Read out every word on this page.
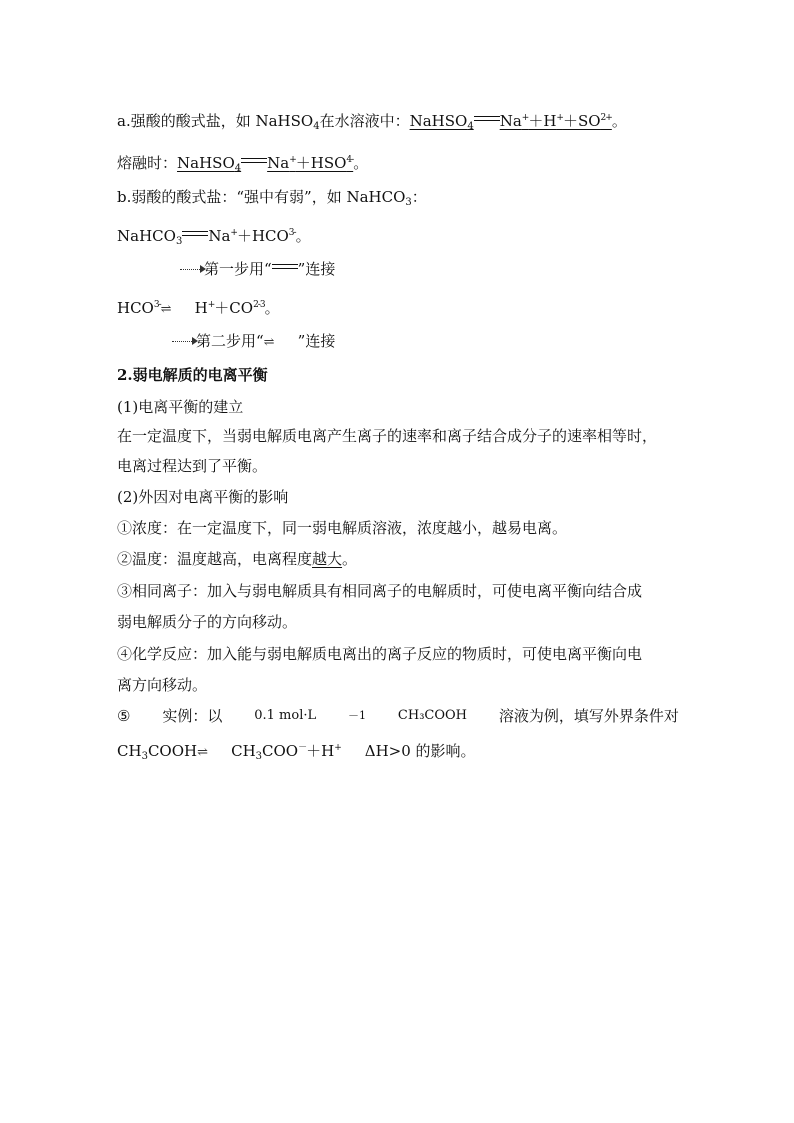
a.强酸的酸式盐，如 NaHSO$_4$在水溶液中：NaHSO$_4$ $Na^++H^++SO^{2+}$。
熔融时：NaHSO$_4$ $Na^++HSO^{4-}$。
b.弱酸的酸式盐：“强中有弱”，如 NaHCO$_3$：
NaHCO$_3$ $Na^++HCO^{3-}$。
第一步用“ ”连接
$HCO^{3-}\rightleftharpoons$ $H^++CO^{2-3}$。
第二步用“⇌ ”连接
2.弱电解质的电离平衡
(1)电离平衡的建立
在一定温度下，当弱电解质电离产生离子的速率和离子结合成分子的速率相等时，
电离过程达到了平衡。
(2)外因对电离平衡的影响
①浓度：在一定温度下，同一弱电解质溶液，浓度越小，越易电离。
②温度：温度越高，电离程度越大。
③相同离子：加入与弱电解质具有相同离子的电解质时，可使电离平衡向结合成
弱电解质分子的方向移动。
④化学反应：加入能与弱电解质电离出的离子反应的物质时，可使电离平衡向电
离方向移动。
⑤ 实例：以 0.1 mol·L	－1 CH₃COOH 溶液为例，填写外界条件对
$CH_3COOH\rightleftharpoons$ $CH_3COO^-+H^+$ ΔH>0 的影响。
